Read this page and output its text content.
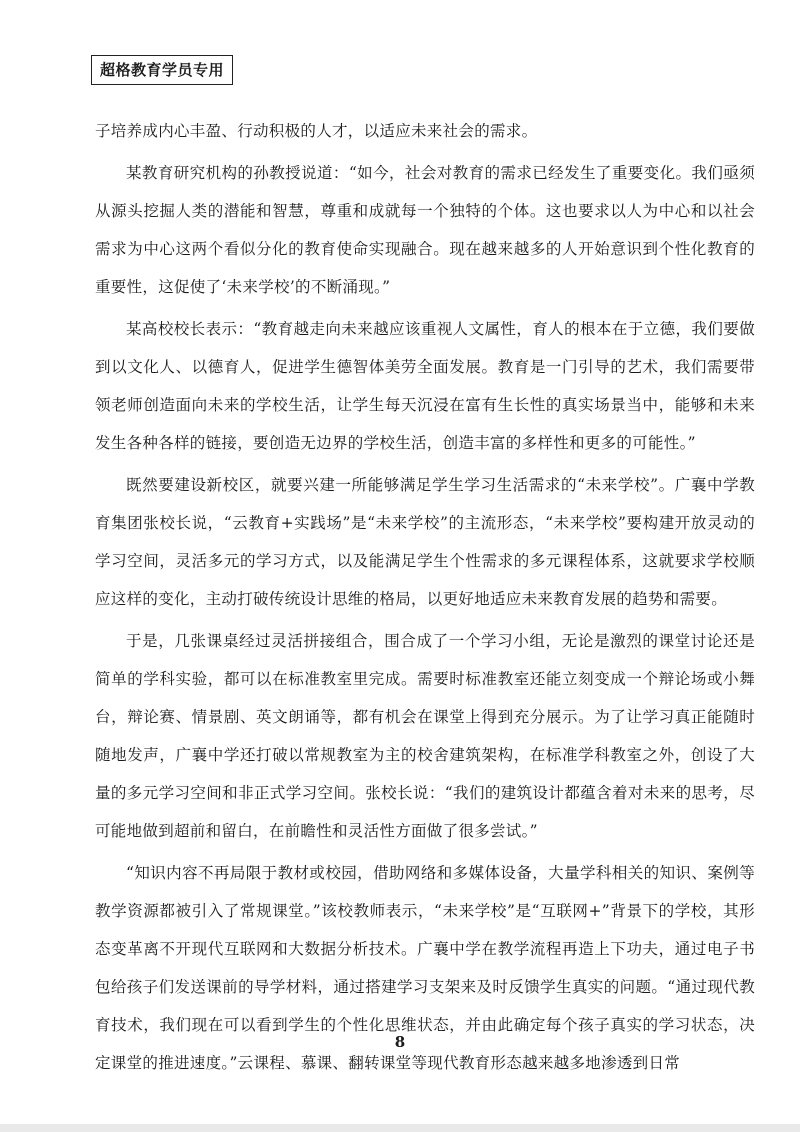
超格教育学员专用

子培养成内心丰盈、行动积极的人才，以适应未来社会的需求。

某教育研究机构的孙教授说道：“如今，社会对教育的需求已经发生了重要变化。我们亟须从源头挖掘人类的潜能和智慧，尊重和成就每一个独特的个体。这也要求以人为中心和以社会需求为中心这两个看似分化的教育使命实现融合。现在越来越多的人开始意识到个性化教育的重要性，这促使了‘未来学校’的不断涌现。”

某高校校长表示：“教育越走向未来越应该重视人文属性，育人的根本在于立德，我们要做到以文化人、以德育人，促进学生德智体美劳全面发展。教育是一门引导的艺术，我们需要带领老师创造面向未来的学校生活，让学生每天沉浸在富有生长性的真实场景当中，能够和未来发生各种各样的链接，要创造无边界的学校生活，创造丰富的多样性和更多的可能性。”

既然要建设新校区，就要兴建一所能够满足学生学习生活需求的“未来学校”。广襄中学教育集团张校长说，“云教育+实践场”是“未来学校”的主流形态，“未来学校”要构建开放灵动的学习空间，灵活多元的学习方式，以及能满足学生个性需求的多元课程体系，这就要求学校顺应这样的变化，主动打破传统设计思维的格局，以更好地适应未来教育发展的趋势和需要。

于是，几张课桌经过灵活拼接组合，围合成了一个学习小组，无论是激烈的课堂讨论还是简单的学科实验，都可以在标准教室里完成。需要时标准教室还能立刻变成一个辩论场或小舞台，辩论赛、情景剧、英文朗诵等，都有机会在课堂上得到充分展示。为了让学习真正能随时随地发声，广襄中学还打破以常规教室为主的校舍建筑架构，在标准学科教室之外，创设了大量的多元学习空间和非正式学习空间。张校长说：“我们的建筑设计都蕴含着对未来的思考，尽可能地做到超前和留白，在前瞻性和灵活性方面做了很多尝试。”

“知识内容不再局限于教材或校园，借助网络和多媒体设备，大量学科相关的知识、案例等教学资源都被引入了常规课堂。”该校教师表示，“未来学校”是“互联网+”背景下的学校，其形态变革离不开现代互联网和大数据分析技术。广襄中学在教学流程再造上下功夫，通过电子书包给孩子们发送课前的导学材料，通过搭建学习支架来及时反馈学生真实的问题。“通过现代教育技术，我们现在可以看到学生的个性化思维状态，并由此确定每个孩子真实的学习状态，决定课堂的推进速度。”云课程、慕课、翻转课堂等现代教育形态越来越多地渗透到日常

8
